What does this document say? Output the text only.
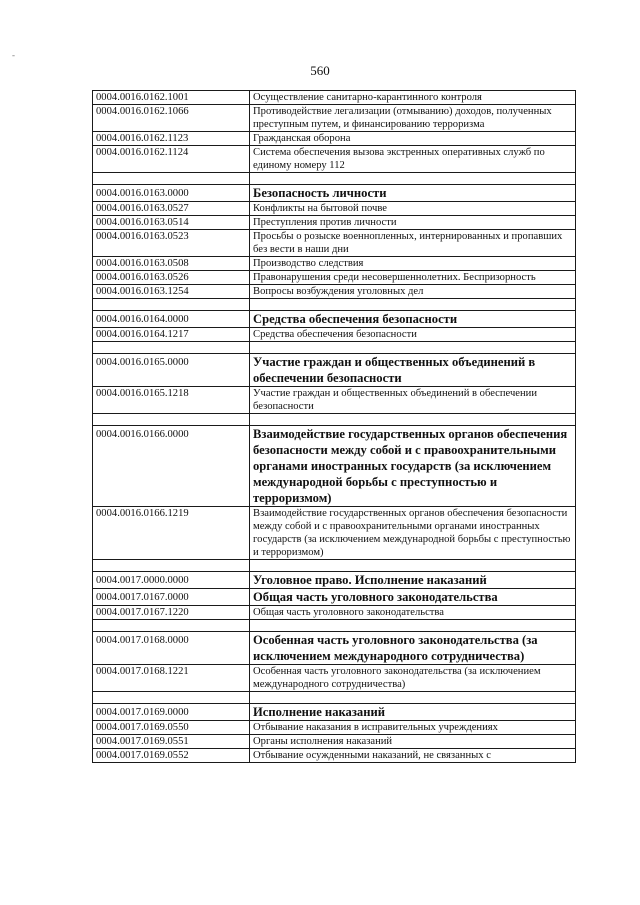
-
560
0004.0016.0162.1001	Осуществление санитарно-карантинного контроля
0004.0016.0162.1066	Противодействие легализации (отмыванию) доходов, полученных преступным путем, и финансированию терроризма
0004.0016.0162.1123	Гражданская оборона
0004.0016.0162.1124	Система обеспечения вызова экстренных оперативных служб по единому номеру 112

0004.0016.0163.0000	Безопасность личности
0004.0016.0163.0527	Конфликты на бытовой почве
0004.0016.0163.0514	Преступления против личности
0004.0016.0163.0523	Просьбы о розыске военнопленных, интернированных и пропавших без вести в наши дни
0004.0016.0163.0508	Производство следствия
0004.0016.0163.0526	Правонарушения среди несовершеннолетних. Беспризорность
0004.0016.0163.1254	Вопросы возбуждения уголовных дел

0004.0016.0164.0000	Средства обеспечения безопасности
0004.0016.0164.1217	Средства обеспечения безопасности

0004.0016.0165.0000	Участие граждан и общественных объединений в обеспечении безопасности
0004.0016.0165.1218	Участие граждан и общественных объединений в обеспечении безопасности

0004.0016.0166.0000	Взаимодействие государственных органов обеспечения безопасности между собой и с правоохранительными органами иностранных государств (за исключением международной борьбы с преступностью и терроризмом)
0004.0016.0166.1219	Взаимодействие государственных органов обеспечения безопасности между собой и с правоохранительными органами иностранных государств (за исключением международной борьбы с преступностью и терроризмом)

0004.0017.0000.0000	Уголовное право. Исполнение наказаний
0004.0017.0167.0000	Общая часть уголовного законодательства
0004.0017.0167.1220	Общая часть уголовного законодательства

0004.0017.0168.0000	Особенная часть уголовного законодательства (за исключением международного сотрудничества)
0004.0017.0168.1221	Особенная часть уголовного законодательства (за исключением международного сотрудничества)

0004.0017.0169.0000	Исполнение наказаний
0004.0017.0169.0550	Отбывание наказания в исправительных учреждениях
0004.0017.0169.0551	Органы исполнения наказаний
0004.0017.0169.0552	Отбывание осужденными наказаний, не связанных с
